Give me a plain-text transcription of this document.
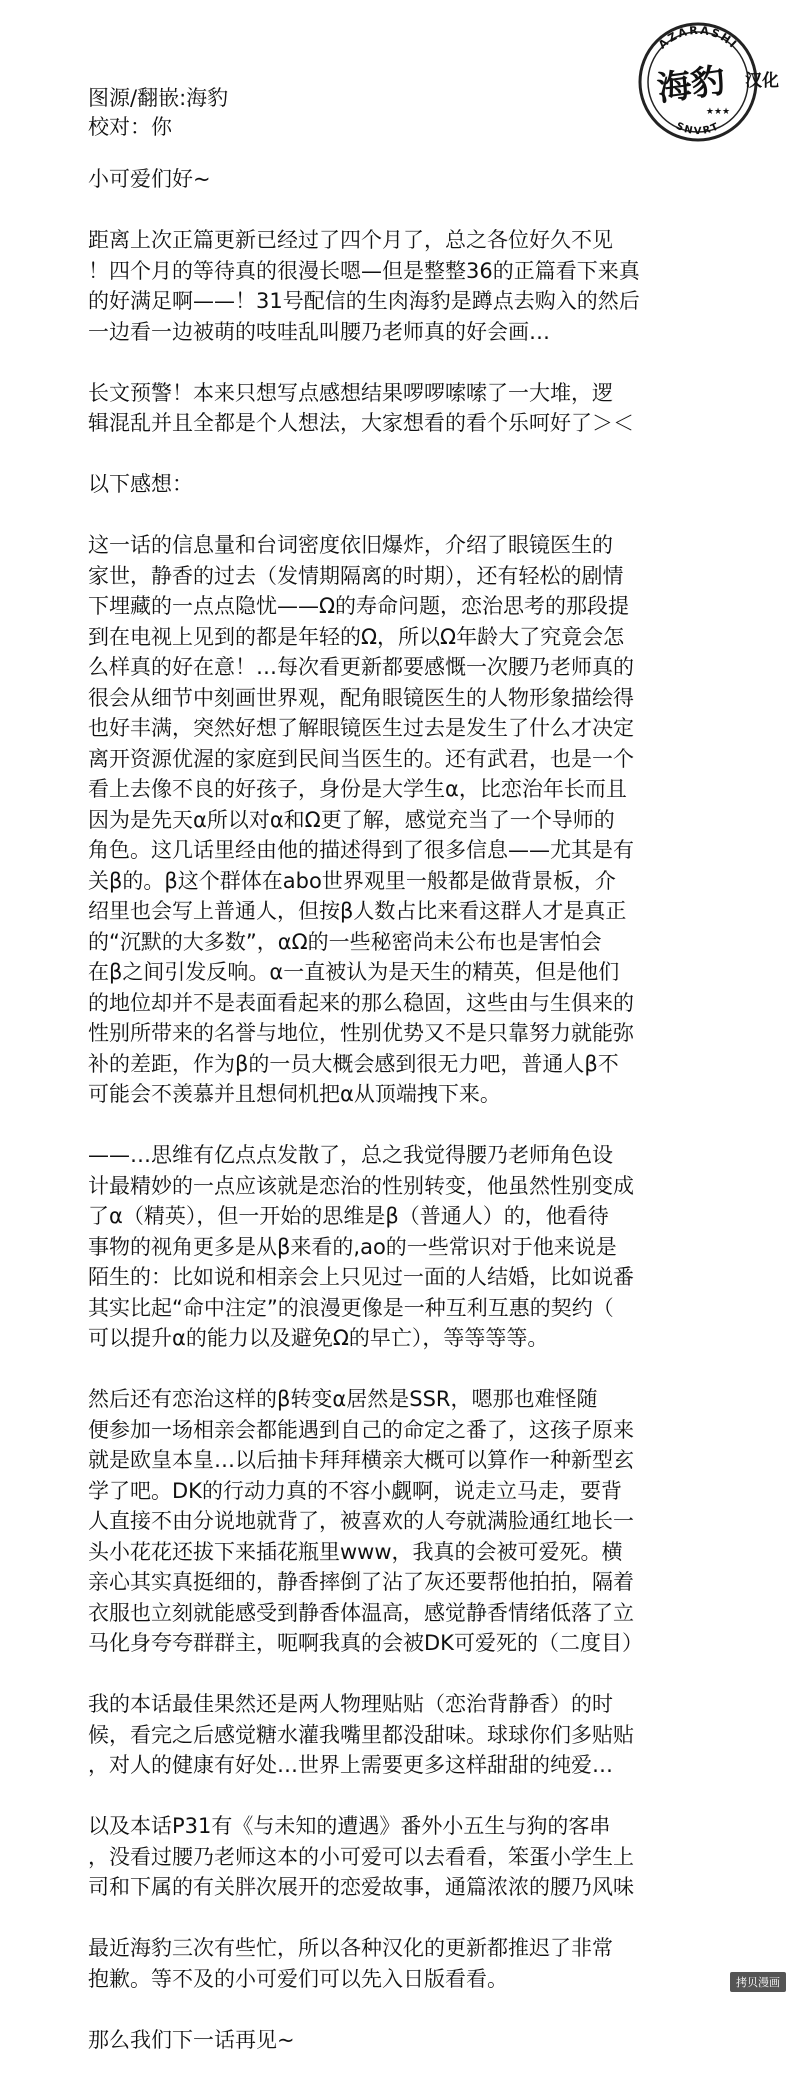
图源/翻嵌:海豹
校对：你
AZARASHI
SNVRT
海豹 汉化
★★★
小可爱们好~
距离上次正篇更新已经过了四个月了，总之各位好久不见
！四个月的等待真的很漫长嗯—但是整整36的正篇看下来真
的好满足啊——！31号配信的生肉海豹是蹲点去购入的然后
一边看一边被萌的吱哇乱叫腰乃老师真的好会画…
长文预警！本来只想写点感想结果啰啰嗦嗦了一大堆，逻
辑混乱并且全都是个人想法，大家想看的看个乐呵好了＞＜
以下感想：
这一话的信息量和台词密度依旧爆炸，介绍了眼镜医生的
家世，静香的过去（发情期隔离的时期），还有轻松的剧情
下埋藏的一点点隐忧——Ω的寿命问题，恋治思考的那段提
到在电视上见到的都是年轻的Ω，所以Ω年龄大了究竟会怎
么样真的好在意！…每次看更新都要感慨一次腰乃老师真的
很会从细节中刻画世界观，配角眼镜医生的人物形象描绘得
也好丰满，突然好想了解眼镜医生过去是发生了什么才决定
离开资源优渥的家庭到民间当医生的。还有武君，也是一个
看上去像不良的好孩子，身份是大学生α，比恋治年长而且
因为是先天α所以对α和Ω更了解，感觉充当了一个导师的
角色。这几话里经由他的描述得到了很多信息——尤其是有
关β的。β这个群体在abo世界观里一般都是做背景板，介
绍里也会写上普通人，但按β人数占比来看这群人才是真正
的“沉默的大多数”，αΩ的一些秘密尚未公布也是害怕会
在β之间引发反响。α一直被认为是天生的精英，但是他们
的地位却并不是表面看起来的那么稳固，这些由与生俱来的
性别所带来的名誉与地位，性别优势又不是只靠努力就能弥
补的差距，作为β的一员大概会感到很无力吧，普通人β不
可能会不羡慕并且想伺机把α从顶端拽下来。
——…思维有亿点点发散了，总之我觉得腰乃老师角色设
计最精妙的一点应该就是恋治的性别转变，他虽然性别变成
了α（精英），但一开始的思维是β（普通人）的，他看待
事物的视角更多是从β来看的,ao的一些常识对于他来说是
陌生的：比如说和相亲会上只见过一面的人结婚，比如说番
其实比起“命中注定”的浪漫更像是一种互利互惠的契约（
可以提升α的能力以及避免Ω的早亡），等等等等。
然后还有恋治这样的β转变α居然是SSR，嗯那也难怪随
便参加一场相亲会都能遇到自己的命定之番了，这孩子原来
就是欧皇本皇…以后抽卡拜拜横亲大概可以算作一种新型玄
学了吧。DK的行动力真的不容小觑啊，说走立马走，要背
人直接不由分说地就背了，被喜欢的人夸就满脸通红地长一
头小花花还拔下来插花瓶里www，我真的会被可爱死。横
亲心其实真挺细的，静香摔倒了沾了灰还要帮他拍拍，隔着
衣服也立刻就能感受到静香体温高，感觉静香情绪低落了立
马化身夸夸群群主，呃啊我真的会被DK可爱死的（二度目）
我的本话最佳果然还是两人物理贴贴（恋治背静香）的时
候，看完之后感觉糖水灌我嘴里都没甜味。球球你们多贴贴
，对人的健康有好处…世界上需要更多这样甜甜的纯爱…
以及本话P31有《与未知的遭遇》番外小五生与狗的客串
，没看过腰乃老师这本的小可爱可以去看看，笨蛋小学生上
司和下属的有关胖次展开的恋爱故事，通篇浓浓的腰乃风味
最近海豹三次有些忙，所以各种汉化的更新都推迟了非常
抱歉。等不及的小可爱们可以先入日版看看。
那么我们下一话再见~
拷贝漫画
